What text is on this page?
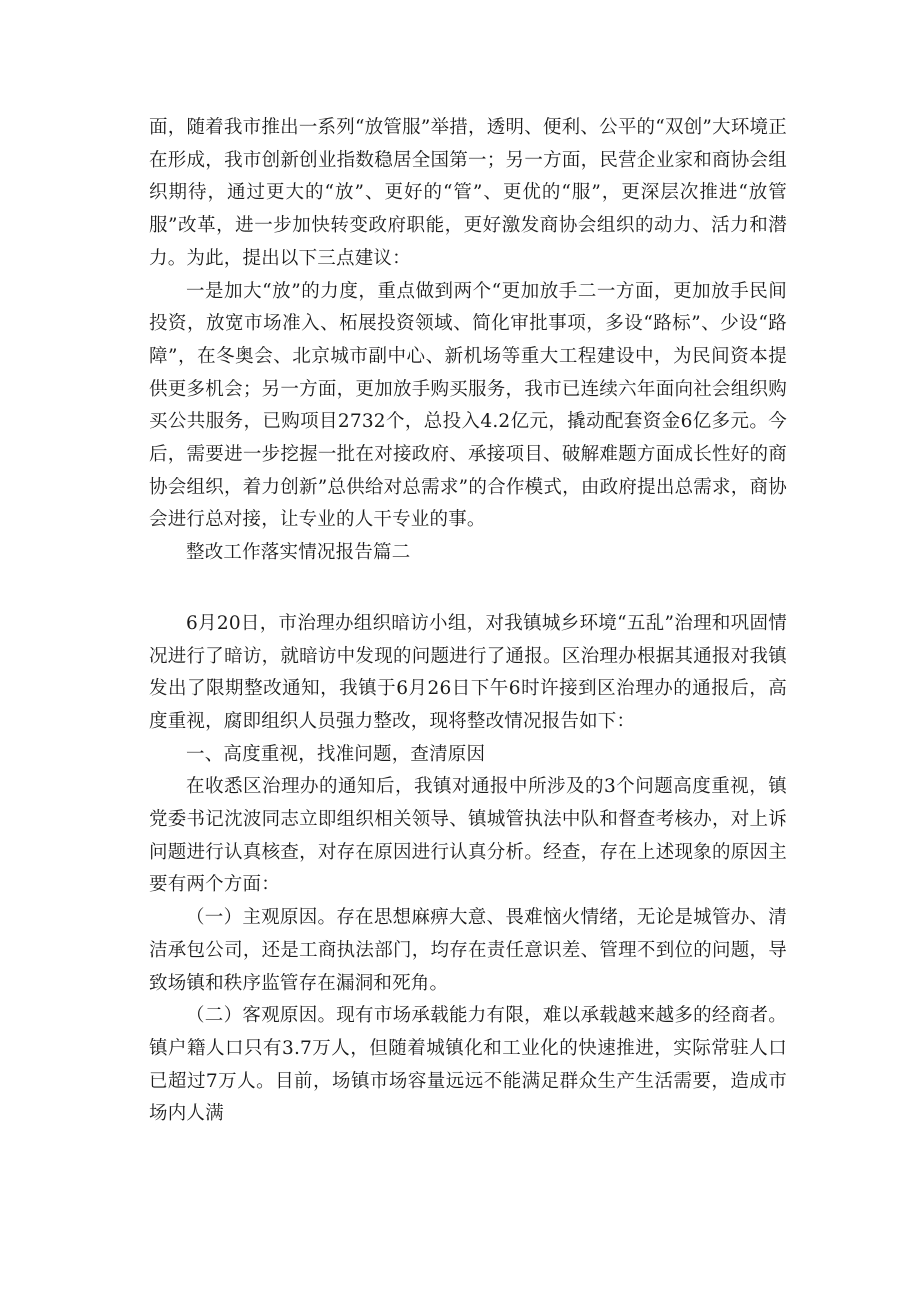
面，随着我市推出一系列“放管服”举措，透明、便利、公平的“双创”大环境正在形成，我市创新创业指数稳居全国第一；另一方面，民营企业家和商协会组织期待，通过更大的“放”、更好的“管”、更优的“服”，更深层次推进“放管服”改革，进一步加快转变政府职能，更好激发商协会组织的动力、活力和潜力。为此，提出以下三点建议：

一是加大“放”的力度，重点做到两个“更加放手二一方面，更加放手民间投资，放宽市场准入、柘展投资领域、简化审批事项，多设“路标”、少设“路障”，在冬奥会、北京城市副中心、新机场等重大工程建设中，为民间资本提供更多机会；另一方面，更加放手购买服务，我市已连续六年面向社会组织购买公共服务，已购项目2732个，总投入4.2亿元，撬动配套资金6亿多元。今后，需要进一步挖握一批在对接政府、承接项目、破解难题方面成长性好的商协会组织，着力创新”总供给对总需求”的合作模式，由政府提出总需求，商协会进行总对接，让专业的人干专业的事。

整改工作落实情况报告篇二

6月20日，市治理办组织暗访小组，对我镇城乡环境“五乱”治理和巩固情况进行了暗访，就暗访中发现的问题进行了通报。区治理办根据其通报对我镇发出了限期整改通知，我镇于6月26日下午6时许接到区治理办的通报后，高度重视，腐即组织人员强力整改，现将整改情况报告如下：

一、高度重视，找准问题，查清原因

在收悉区治理办的通知后，我镇对通报中所涉及的3个问题高度重视，镇党委书记沈波同志立即组织相关领导、镇城管执法中队和督查考核办，对上诉问题进行认真核查，对存在原因进行认真分析。经查，存在上述现象的原因主要有两个方面：

（一）主观原因。存在思想麻痹大意、畏难恼火情绪，无论是城管办、清洁承包公司，还是工商执法部门，均存在责任意识差、管理不到位的问题，导致场镇和秩序监管存在漏洞和死角。

（二）客观原因。现有市场承载能力有限，难以承载越来越多的经商者。镇户籍人口只有3.7万人，但随着城镇化和工业化的快速推进，实际常驻人口已超过7万人。目前，场镇市场容量远远不能满足群众生产生活需要，造成市场内人满
